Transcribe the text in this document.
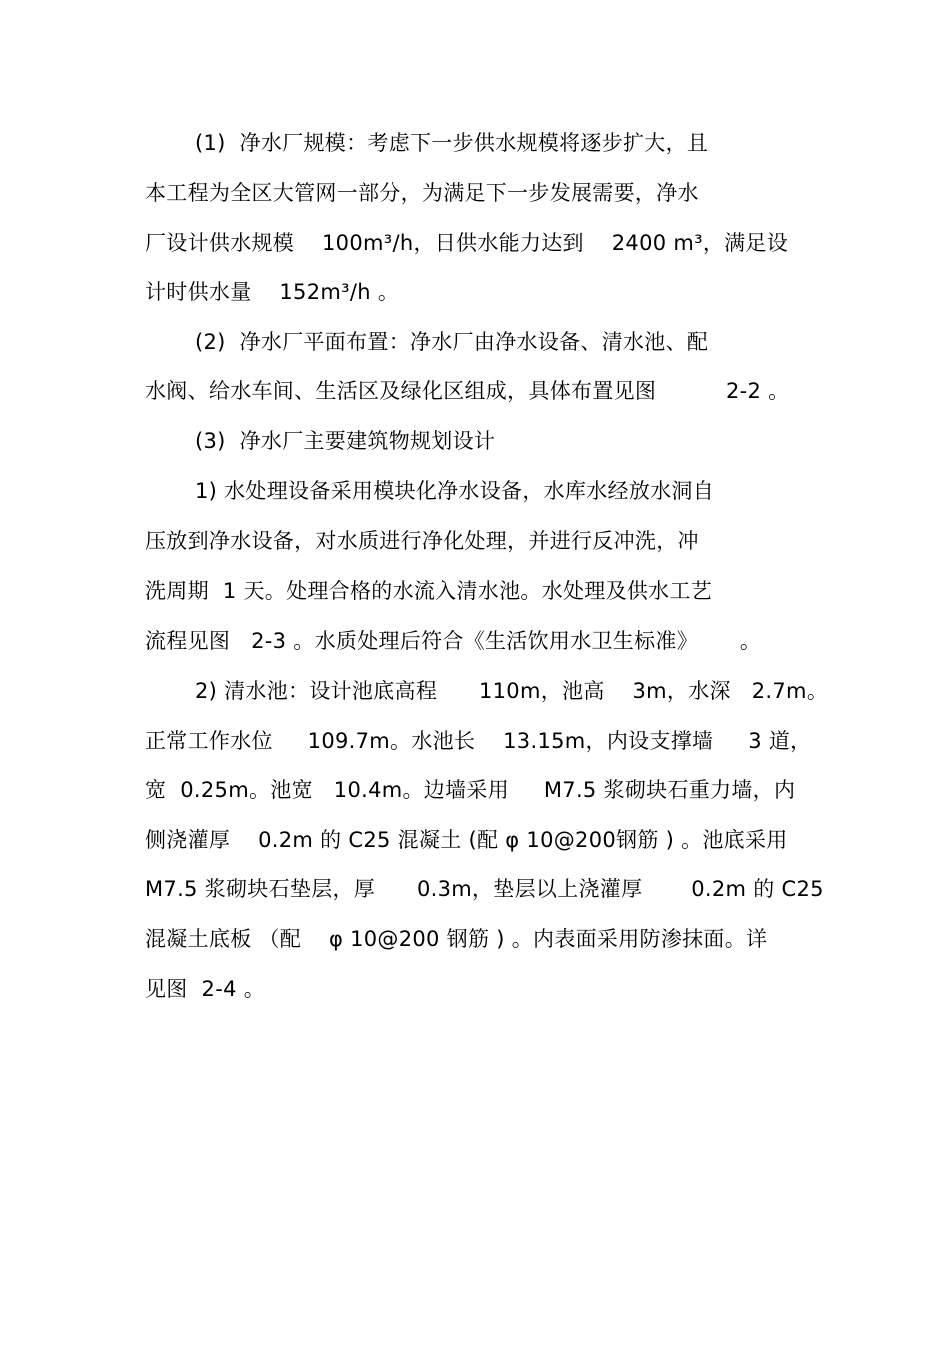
(1)  净水厂规模：考虑下一步供水规模将逐步扩大，且
本工程为全区大管网一部分，为满足下一步发展需要，净水
厂设计供水规模    100m³/h，日供水能力达到    2400 m³，满足设
计时供水量    152m³/h 。
(2)  净水厂平面布置：净水厂由净水设备、清水池、配
水阀、给水车间、生活区及绿化区组成，具体布置见图          2-2 。
(3)  净水厂主要建筑物规划设计
1) 水处理设备采用模块化净水设备，水库水经放水洞自
压放到净水设备，对水质进行净化处理，并进行反冲洗，冲
洗周期  1 天。处理合格的水流入清水池。水处理及供水工艺
流程见图   2-3 。水质处理后符合《生活饮用水卫生标准》      。
2) 清水池：设计池底高程      110m，池高    3m，水深   2.7m。
正常工作水位     109.7m。水池长    13.15m，内设支撑墙     3 道，
宽  0.25m。池宽   10.4m。边墙采用     M7.5 浆砌块石重力墙，内
侧浇灌厚    0.2m 的 C25 混凝土 (配 φ 10@200钢筋 ) 。池底采用
M7.5 浆砌块石垫层，厚      0.3m，垫层以上浇灌厚       0.2m 的 C25
混凝土底板 （配    φ 10@200 钢筋 ) 。内表面采用防渗抹面。详
见图  2-4 。
